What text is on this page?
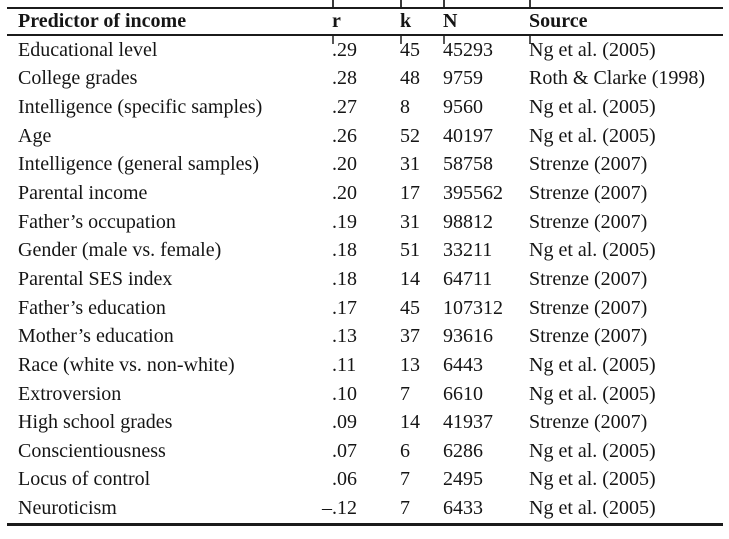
Predictor of income	r	k	N	Source
Educational level	.29	45	45293	Ng et al. (2005)
College grades	.28	48	9759	Roth & Clarke (1998)
Intelligence (specific samples)	.27	8	9560	Ng et al. (2005)
Age	.26	52	40197	Ng et al. (2005)
Intelligence (general samples)	.20	31	58758	Strenze (2007)
Parental income	.20	17	395562	Strenze (2007)
Father’s occupation	.19	31	98812	Strenze (2007)
Gender (male vs. female)	.18	51	33211	Ng et al. (2005)
Parental SES index	.18	14	64711	Strenze (2007)
Father’s education	.17	45	107312	Strenze (2007)
Mother’s education	.13	37	93616	Strenze (2007)
Race (white vs. non-white)	.11	13	6443	Ng et al. (2005)
Extroversion	.10	7	6610	Ng et al. (2005)
High school grades	.09	14	41937	Strenze (2007)
Conscientiousness	.07	6	6286	Ng et al. (2005)
Locus of control	.06	7	2495	Ng et al. (2005)
Neuroticism	–.12	7	6433	Ng et al. (2005)
